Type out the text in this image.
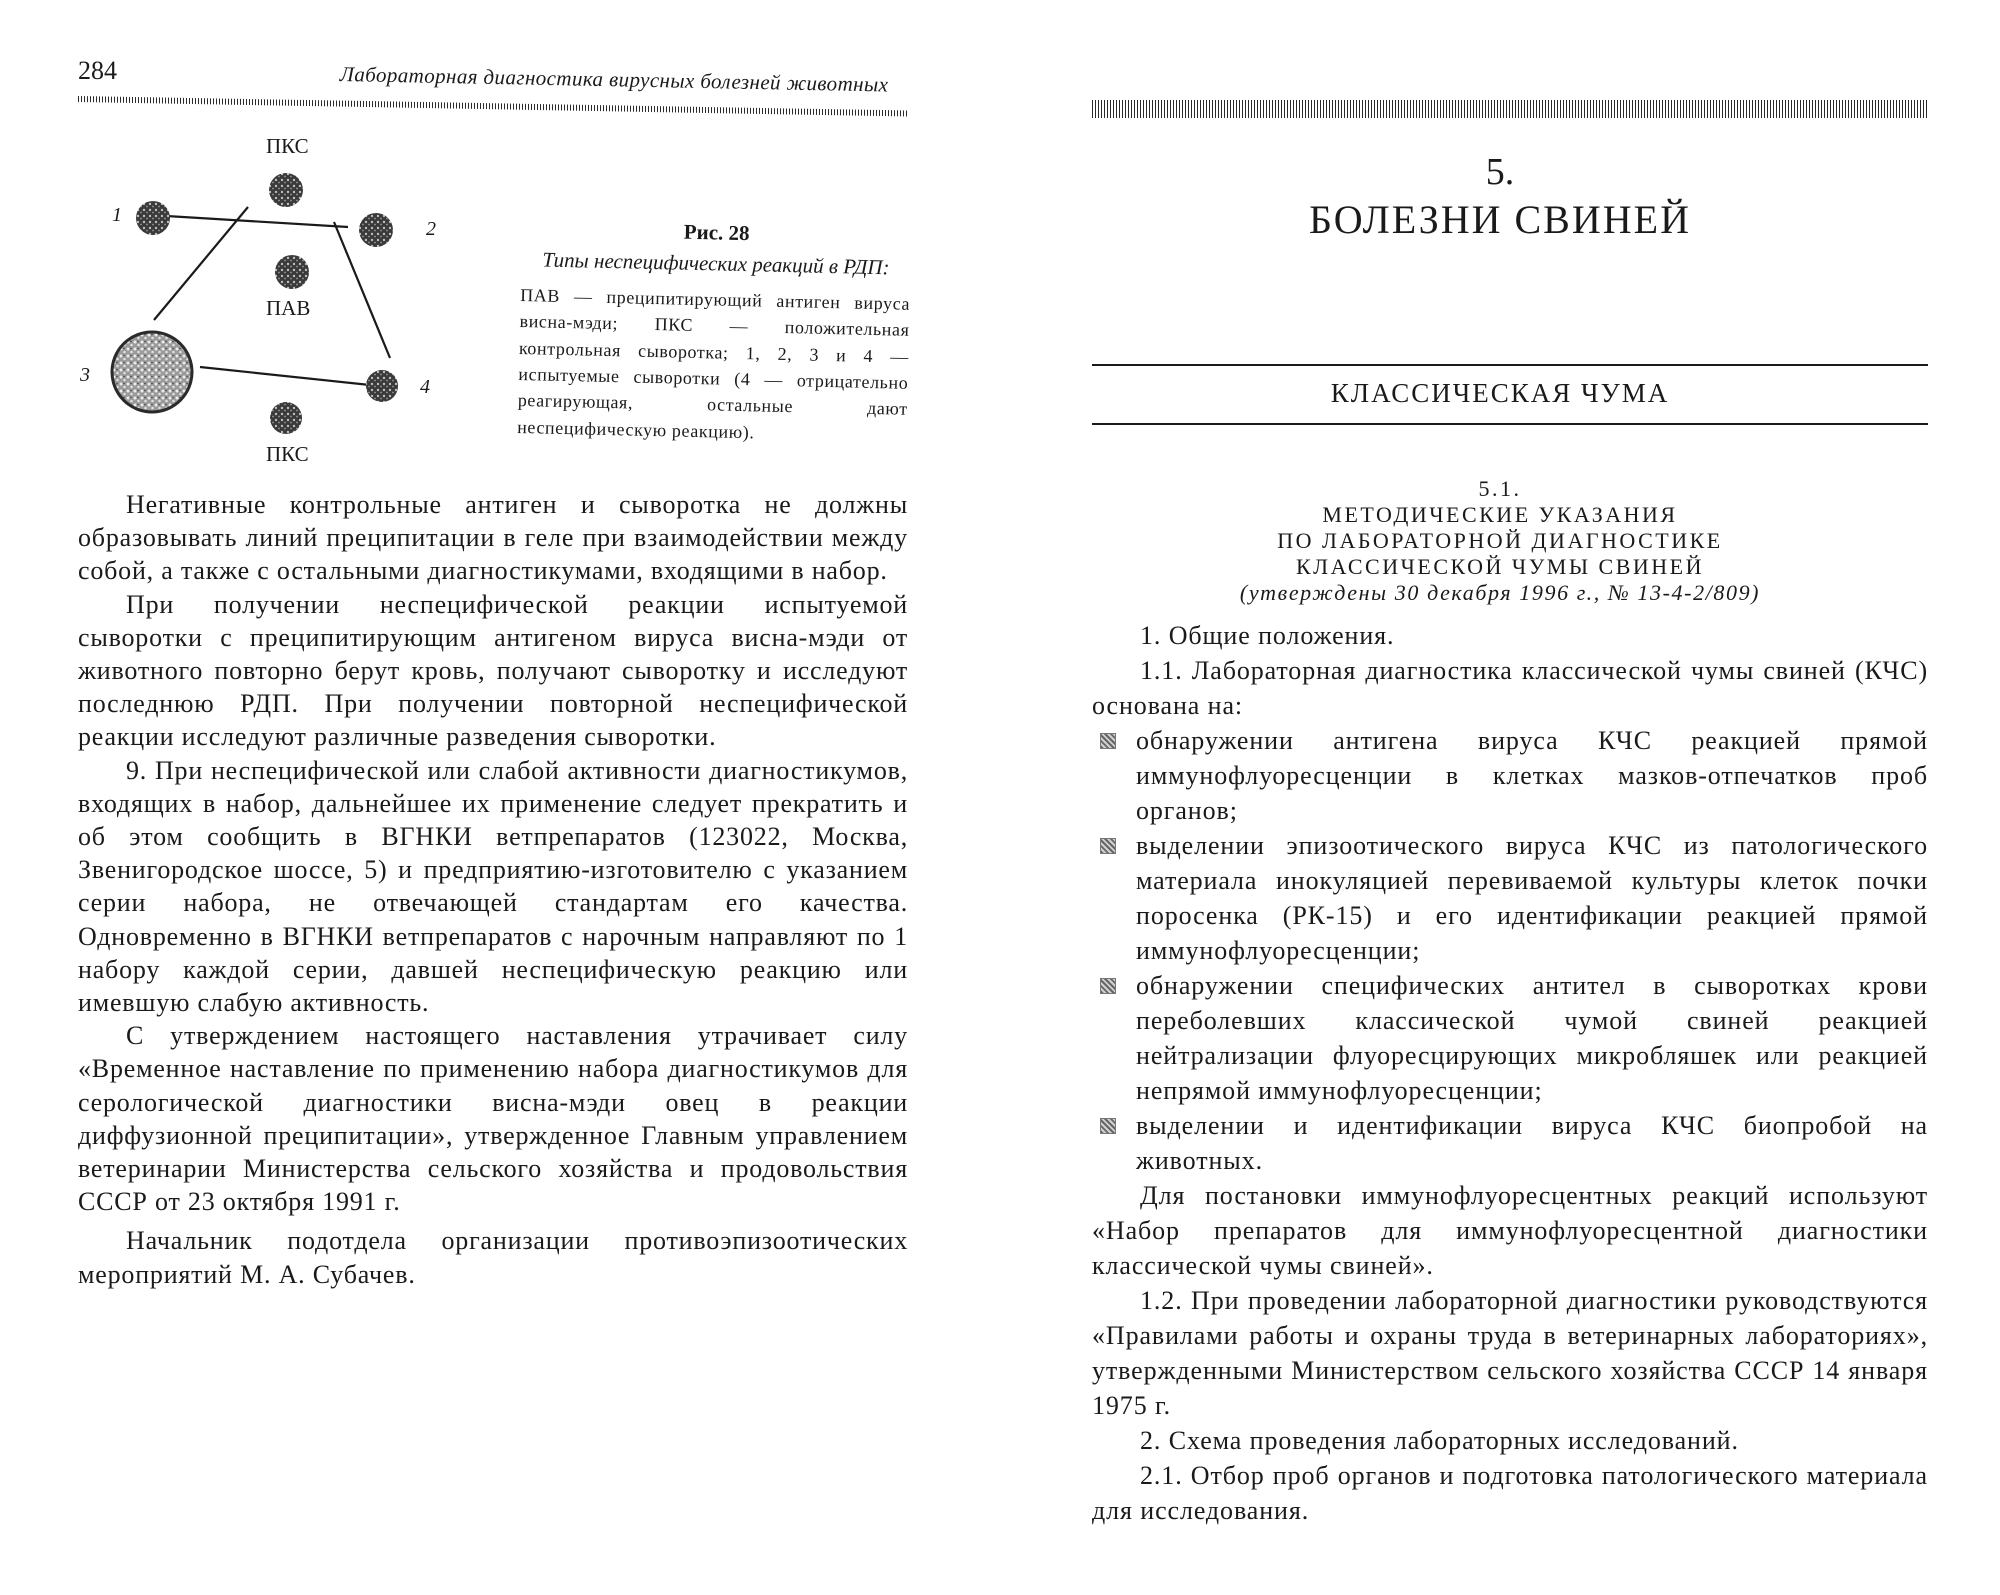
284	Лабораторная диагностика вирусных болезней животных
ПКС
ПАВ
ПКС
1
2
3
4
Рис. 28
Типы неспецифических реакций в РДП:
ПАВ — преципитирующий антиген вируса висна-мэди; ПКС — положительная контрольная сыворотка; 1, 2, 3 и 4 — испытуемые сыворотки (4 — отрицательно реагирующая, остальные дают неспецифическую реакцию).

Негативные контрольные антиген и сыворотка не должны образовывать линий преципитации в геле при взаимодействии между собой, а также с остальными диагностикумами, входящими в набор.

При получении неспецифической реакции испытуемой сыворотки с преципитирующим антигеном вируса висна-мэди от животного повторно берут кровь, получают сыворотку и исследуют последнюю РДП. При получении повторной неспецифической реакции исследуют различные разведения сыворотки.

9. При неспецифической или слабой активности диагностикумов, входящих в набор, дальнейшее их применение следует прекратить и об этом сообщить в ВГНКИ ветпрепаратов (123022, Москва, Звенигородское шоссе, 5) и предприятию-изготовителю с указанием серии набора, не отвечающей стандартам его качества. Одновременно в ВГНКИ ветпрепаратов с нарочным направляют по 1 набору каждой серии, давшей неспецифическую реакцию или имевшую слабую активность.

С утверждением настоящего наставления утрачивает силу «Временное наставление по применению набора диагностикумов для серологической диагностики висна-мэди овец в реакции диффузионной преципитации», утвержденное Главным управлением ветеринарии Министерства сельского хозяйства и продовольствия СССР от 23 октября 1991 г.

Начальник подотдела организации противоэпизоотических мероприятий М. А. Субачев.

5.
БОЛЕЗНИ СВИНЕЙ
КЛАССИЧЕСКАЯ ЧУМА
5.1.
МЕТОДИЧЕСКИЕ УКАЗАНИЯ
ПО ЛАБОРАТОРНОЙ ДИАГНОСТИКЕ
КЛАССИЧЕСКОЙ ЧУМЫ СВИНЕЙ
(утверждены 30 декабря 1996 г., № 13-4-2/809)

1. Общие положения.

1.1. Лабораторная диагностика классической чумы свиней (КЧС) основана на:

обнаружении антигена вируса КЧС реакцией прямой иммунофлуоресценции в клетках мазков-отпечатков проб органов;
выделении эпизоотического вируса КЧС из патологического материала инокуляцией перевиваемой культуры клеток почки поросенка (РК-15) и его идентификации реакцией прямой иммунофлуоресценции;
обнаружении специфических антител в сыворотках крови переболевших классической чумой свиней реакцией нейтрализации флуоресцирующих микробляшек или реакцией непрямой иммунофлуоресценции;
выделении и идентификации вируса КЧС биопробой на животных.

Для постановки иммунофлуоресцентных реакций используют «Набор препаратов для иммунофлуоресцентной диагностики классической чумы свиней».

1.2. При проведении лабораторной диагностики руководствуются «Правилами работы и охраны труда в ветеринарных лабораториях», утвержденными Министерством сельского хозяйства СССР 14 января 1975 г.

2. Схема проведения лабораторных исследований.

2.1. Отбор проб органов и подготовка патологического материала для исследования.
